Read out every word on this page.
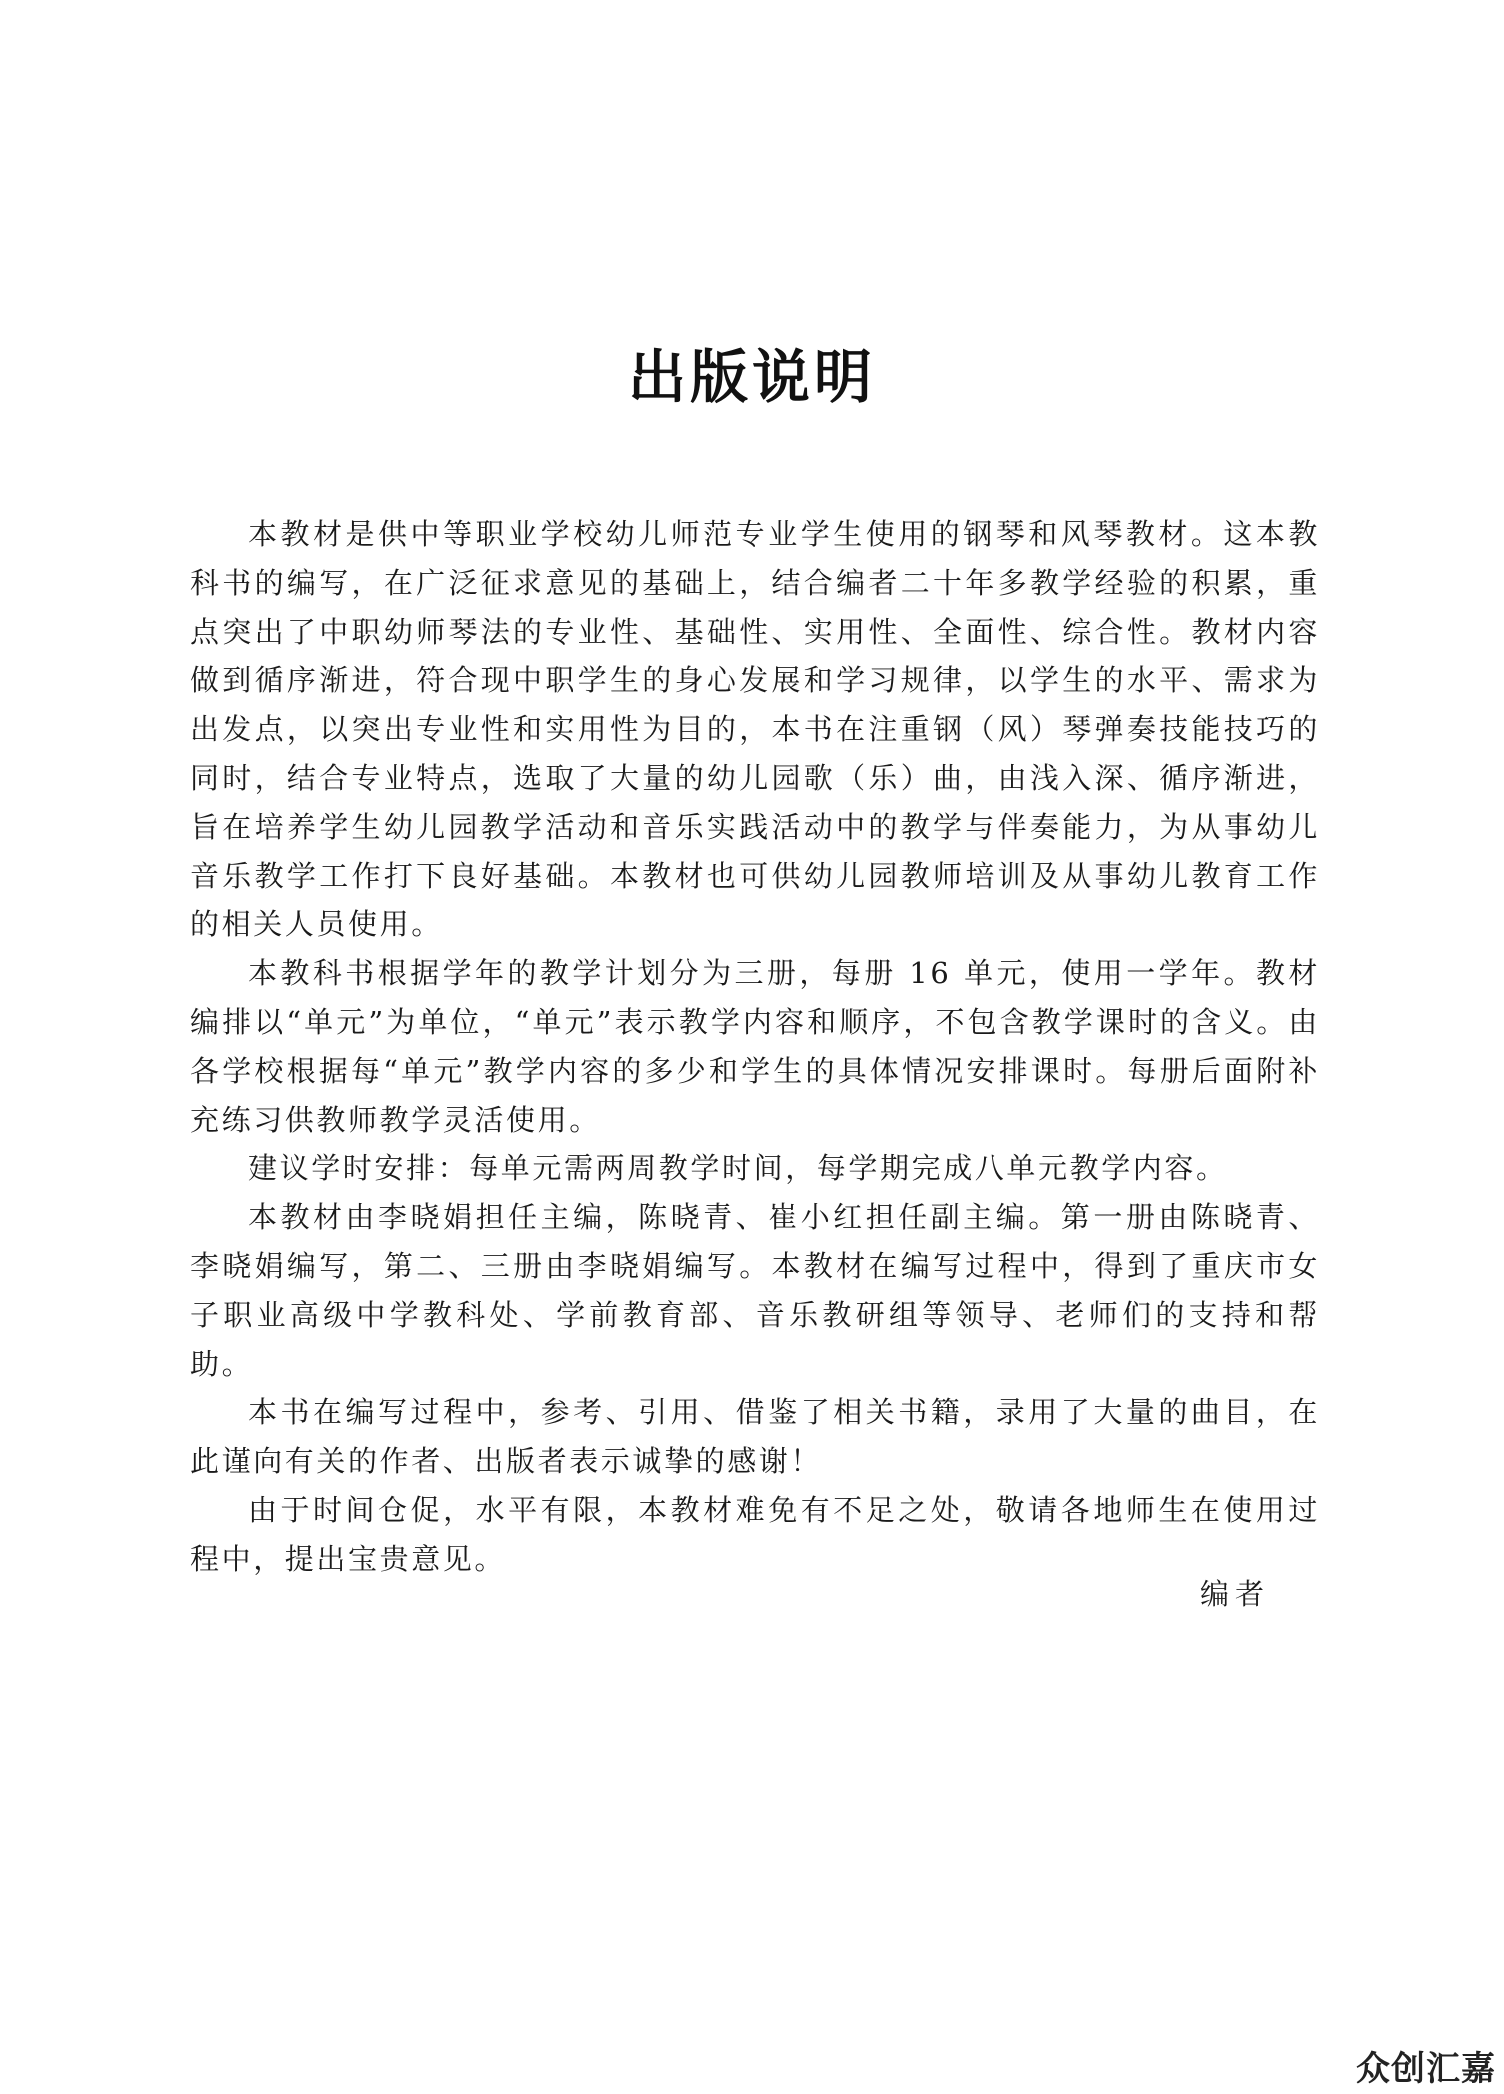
出版说明

本教材是供中等职业学校幼儿师范专业学生使用的钢琴和风琴教材。这本教科书的编写，在广泛征求意见的基础上，结合编者二十年多教学经验的积累，重点突出了中职幼师琴法的专业性、基础性、实用性、全面性、综合性。教材内容做到循序渐进，符合现中职学生的身心发展和学习规律，以学生的水平、需求为出发点，以突出专业性和实用性为目的，本书在注重钢（风）琴弹奏技能技巧的同时，结合专业特点，选取了大量的幼儿园歌（乐）曲，由浅入深、循序渐进，旨在培养学生幼儿园教学活动和音乐实践活动中的教学与伴奏能力，为从事幼儿音乐教学工作打下良好基础。本教材也可供幼儿园教师培训及从事幼儿教育工作的相关人员使用。

本教科书根据学年的教学计划分为三册，每册 16 单元，使用一学年。教材编排以“单元”为单位，“单元”表示教学内容和顺序，不包含教学课时的含义。由各学校根据每“单元”教学内容的多少和学生的具体情况安排课时。每册后面附补充练习供教师教学灵活使用。

建议学时安排：每单元需两周教学时间，每学期完成八单元教学内容。

本教材由李晓娟担任主编，陈晓青、崔小红担任副主编。第一册由陈晓青、李晓娟编写，第二、三册由李晓娟编写。本教材在编写过程中，得到了重庆市女子职业高级中学教科处、学前教育部、音乐教研组等领导、老师们的支持和帮助。

本书在编写过程中，参考、引用、借鉴了相关书籍，录用了大量的曲目，在此谨向有关的作者、出版者表示诚挚的感谢！

由于时间仓促，水平有限，本教材难免有不足之处，敬请各地师生在使用过程中，提出宝贵意见。

编者
众创汇嘉
